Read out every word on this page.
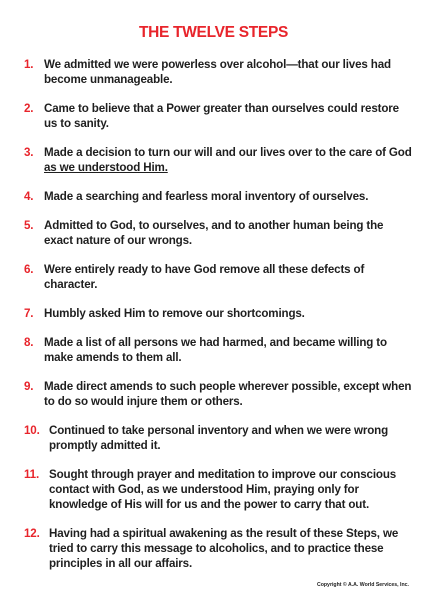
THE TWELVE STEPS
1. We admitted we were powerless over alcohol—that our lives had become unmanageable.
2. Came to believe that a Power greater than ourselves could restore us to sanity.
3. Made a decision to turn our will and our lives over to the care of God as we understood Him.
4. Made a searching and fearless moral inventory of ourselves.
5. Admitted to God, to ourselves, and to another human being the exact nature of our wrongs.
6. Were entirely ready to have God remove all these defects of character.
7. Humbly asked Him to remove our shortcomings.
8. Made a list of all persons we had harmed, and became willing to make amends to them all.
9. Made direct amends to such people wherever possible, except when to do so would injure them or others.
10. Continued to take personal inventory and when we were wrong promptly admitted it.
11. Sought through prayer and meditation to improve our conscious contact with God, as we understood Him, praying only for knowledge of His will for us and the power to carry that out.
12. Having had a spiritual awakening as the result of these Steps, we tried to carry this message to alcoholics, and to practice these principles in all our affairs.
Copyright © A.A. World Services, Inc.
